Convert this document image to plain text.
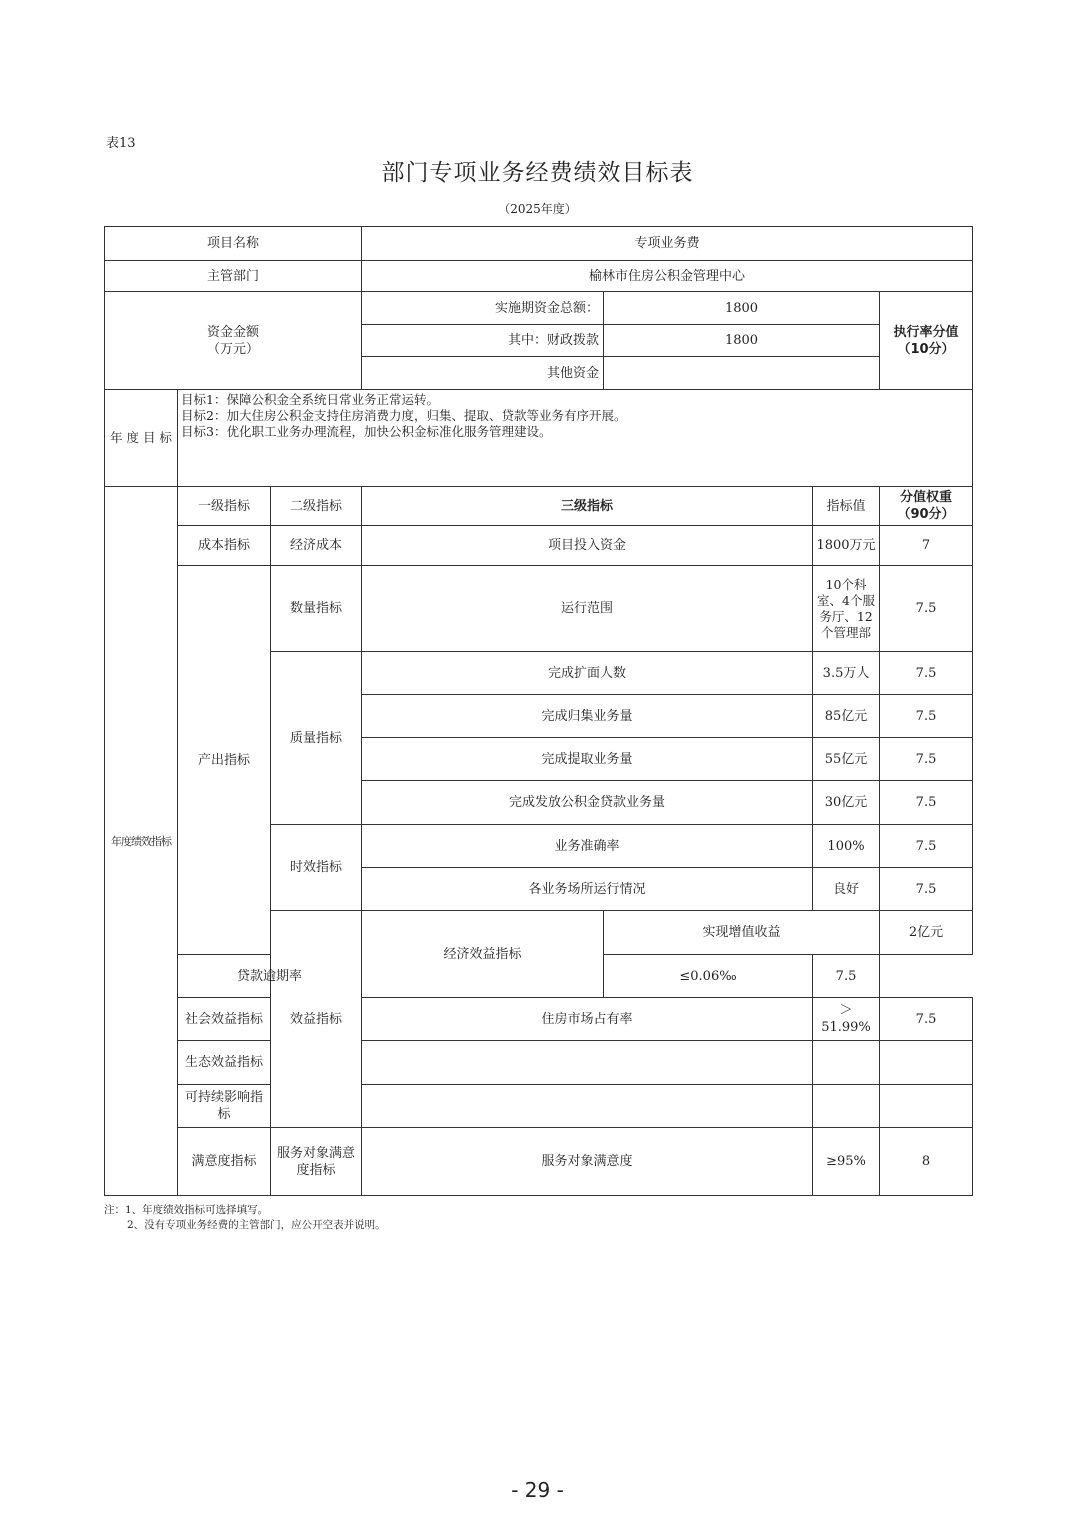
表13
部门专项业务经费绩效目标表
（2025年度）
项目名称			专项业务费				
主管部门			榆林市住房公积金管理中心				
资金金额
（万元）			实施期资金总额：	1800		执行率分值
（10分）	
			其中：财政拨款	1800			
			其他资金				
年 度 目 标	目标1：保障公积金全系统日常业务正常运转。
目标2：加大住房公积金支持住房消费力度，归集、提取、贷款等业务有序开展。
目标3：优化职工业务办理流程，加快公积金标准化服务管理建设。						

年度绩效指标	一级指标	二级指标	三级指标		指标值	分值权重
（90分）	
	成本指标	经济成本	项目投入资金		1800万元	7	
	产出指标	数量指标	运行范围		10个科室、4个服务厅、12个管理部	7.5	
		质量指标	完成扩面人数		3.5万人	7.5	
			完成归集业务量		85亿元	7.5	
			完成提取业务量		55亿元	7.5	
			完成发放公积金贷款业务量		30亿元	7.5	
		时效指标	业务准确率		100%	7.5	
			各业务场所运行情况		良好	7.5	
		效益指标	经济效益指标	实现增值收益		2亿元	
	贷款逾期率			≤0.06‰	7.5		
	社会效益指标		住房市场占有率		＞51.99%	7.5	
	生态效益指标						
	可持续影响指标						
	满意度指标	服务对象满意度指标	服务对象满意度		≥95%	8	
注：1、年度绩效指标可选择填写。
2、没有专项业务经费的主管部门，应公开空表并说明。
- 29 -
